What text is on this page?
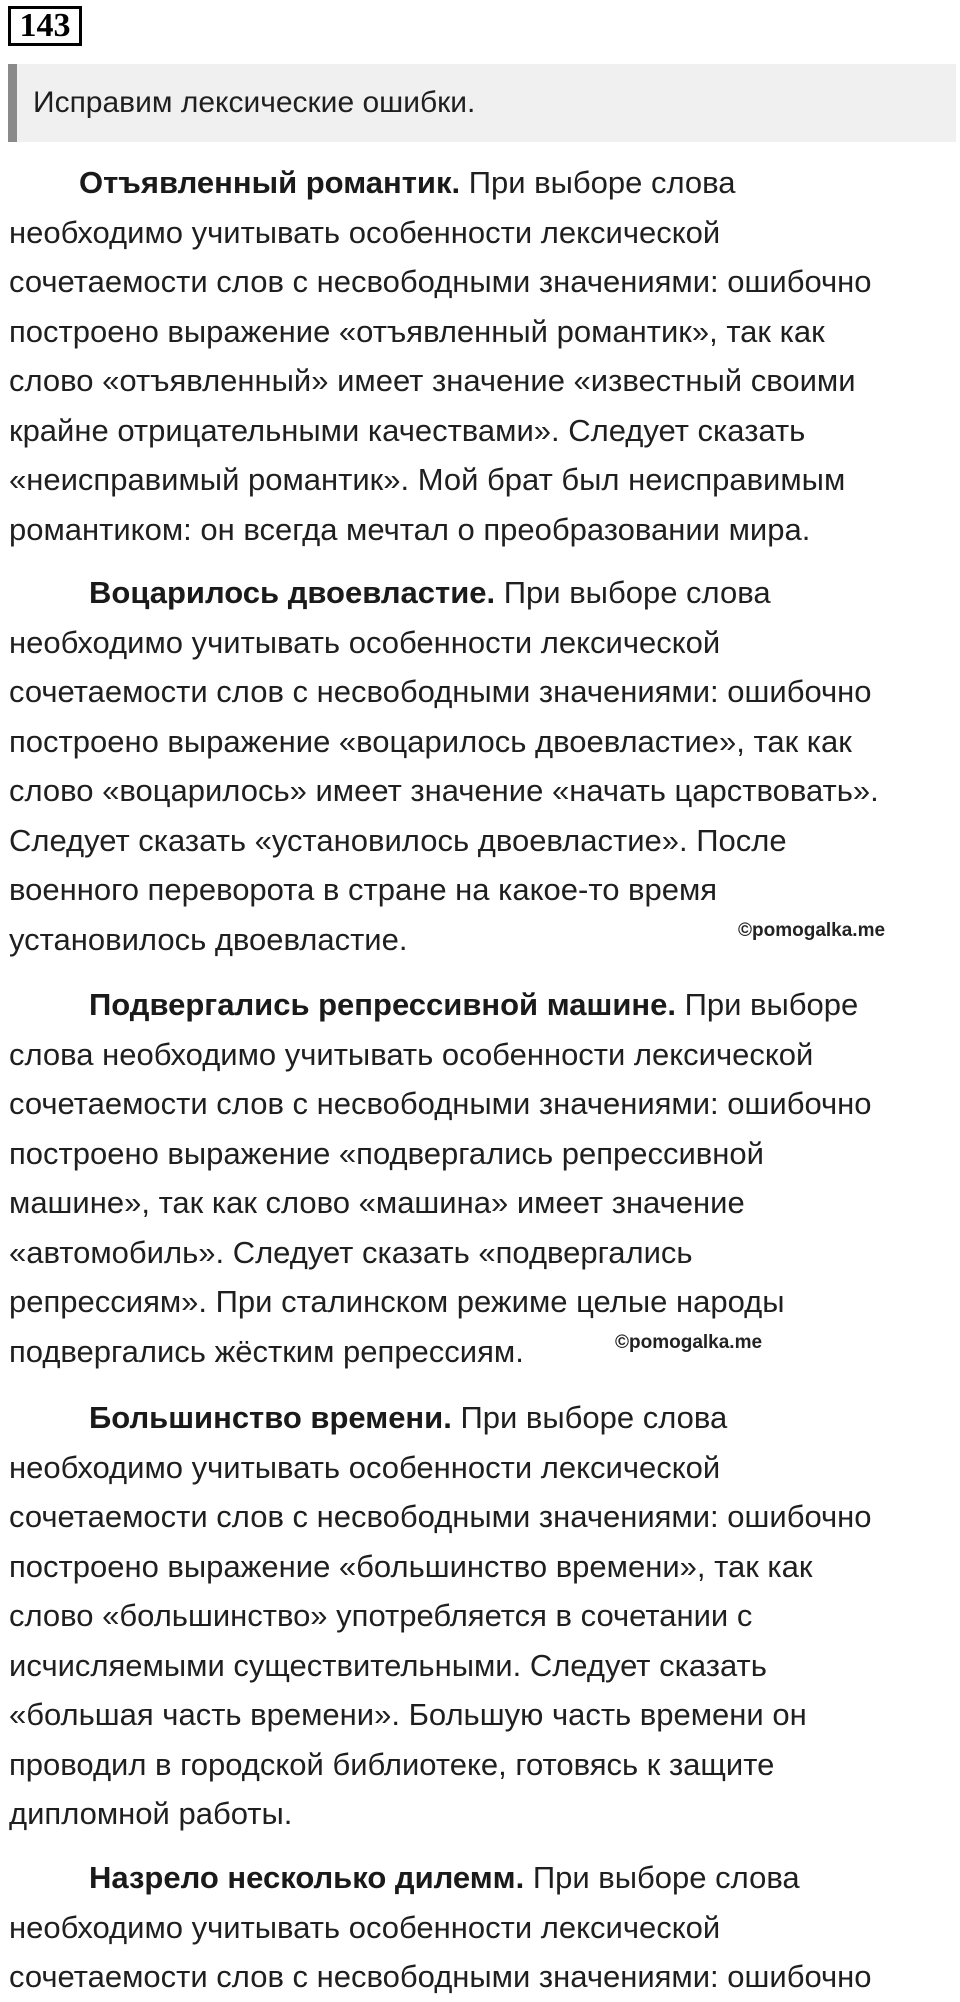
143
Исправим лексические ошибки.

Отъявленный романтик. При выборе слова
необходимо учитывать особенности лексической
сочетаемости слов с несвободными значениями: ошибочно
построено выражение «отъявленный романтик», так как
слово «отъявленный» имеет значение «известный своими
крайне отрицательными качествами». Следует сказать
«неисправимый романтик». Мой брат был неисправимым
романтиком: он всегда мечтал о преобразовании мира.

Воцарилось двоевластие. При выборе слова
необходимо учитывать особенности лексической
сочетаемости слов с несвободными значениями: ошибочно
построено выражение «воцарилось двоевластие», так как
слово «воцарилось» имеет значение «начать царствовать».
Следует сказать «установилось двоевластие». После
военного переворота в стране на какое-то время
установилось двоевластие.	©pomogalka.me

Подвергались репрессивной машине. При выборе
слова необходимо учитывать особенности лексической
сочетаемости слов с несвободными значениями: ошибочно
построено выражение «подвергались репрессивной
машине», так как слово «машина» имеет значение
«автомобиль». Следует сказать «подвергались
репрессиям». При сталинском режиме целые народы
подвергались жёстким репрессиям.	©pomogalka.me

Большинство времени. При выборе слова
необходимо учитывать особенности лексической
сочетаемости слов с несвободными значениями: ошибочно
построено выражение «большинство времени», так как
слово «большинство» употребляется в сочетании с
исчисляемыми существительными. Следует сказать
«большая часть времени». Большую часть времени он
проводил в городской библиотеке, готовясь к защите
дипломной работы.

Назрело несколько дилемм. При выборе слова
необходимо учитывать особенности лексической
сочетаемости слов с несвободными значениями: ошибочно
